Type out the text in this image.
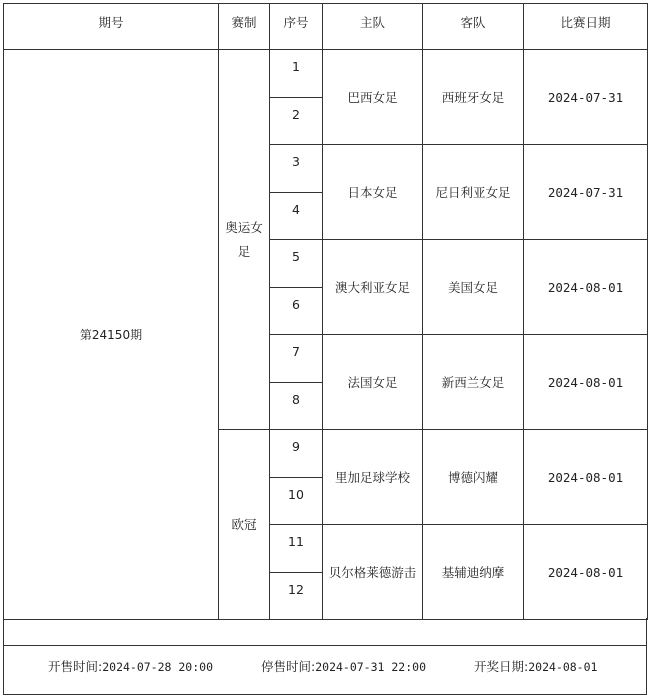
期号	赛制	序号	主队	客队	比赛日期
第24150期	奥运女足	1	巴西女足	西班牙女足	2024-07-31
		2			
		3	日本女足	尼日利亚女足	2024-07-31
		4			
		5	澳大利亚女足	美国女足	2024-08-01
		6			
		7	法国女足	新西兰女足	2024-08-01
		8			
	欧冠	9	里加足球学校	博德闪耀	2024-08-01
		10			
		11	贝尔格莱德游击	基辅迪纳摩	2024-08-01
		12			
开售时间:2024-07-28 20:00	停售时间:2024-07-31 22:00	开奖日期:2024-08-01
